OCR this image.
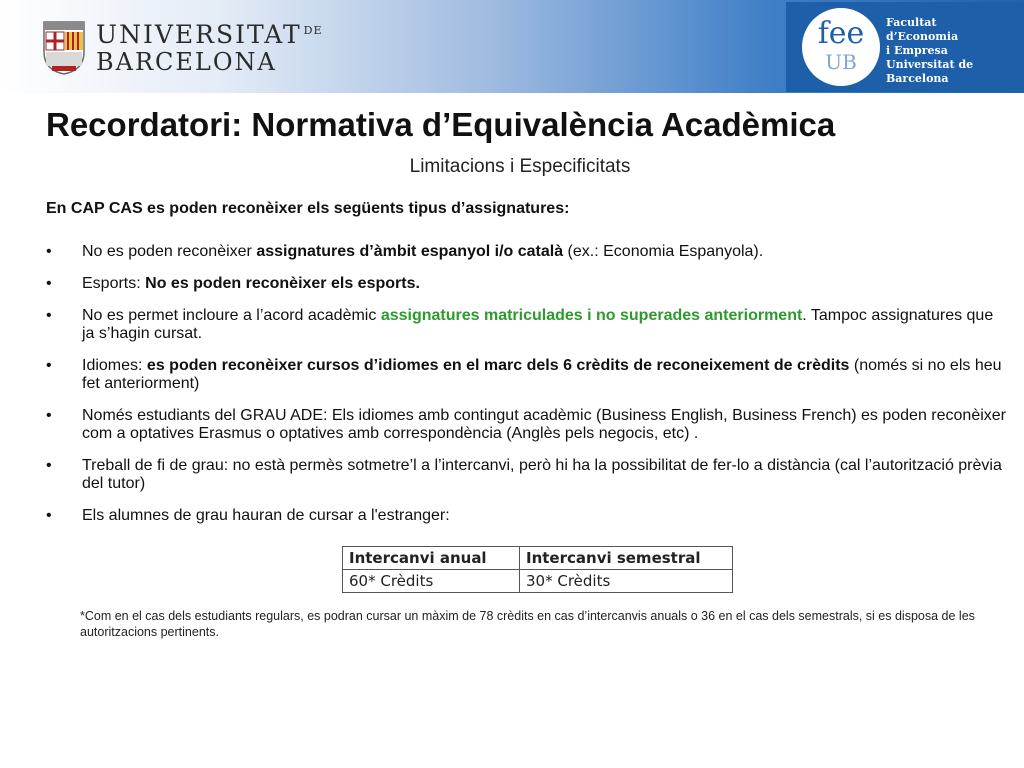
UNIVERSITAT $^{DE}$
BARCELONA
fee
UB
Facultat
d’Economia
i Empresa
Universitat de Barcelona
Recordatori: Normativa d’Equivalència Acadèmica
Limitacions i Especificitats
En CAP CAS es poden reconèixer els següents tipus d’assignatures:
• No es poden reconèixer assignatures d’àmbit espanyol i/o català (ex.: Economia Espanyola).
• Esports: No es poden reconèixer els esports.
• No es permet incloure a l’acord acadèmic assignatures matriculades i no superades anteriorment. Tampoc assignatures que ja s’hagin cursat.
• Idiomes: es poden reconèixer cursos d’idiomes en el marc dels 6 crèdits de reconeixement de crèdits (només si no els heu fet anteriorment)
• Només estudiants del GRAU ADE: Els idiomes amb contingut acadèmic (Business English, Business French) es poden reconèixer com a optatives Erasmus o optatives amb correspondència (Anglès pels negocis, etc) .
• Treball de fi de grau: no està permès sotmetre’l a l’intercanvi, però hi ha la possibilitat de fer-lo a distància (cal l’autorització prèvia del tutor)
• Els alumnes de grau hauran de cursar a l'estranger:
Intercanvi anual	Intercanvi semestral
60* Crèdits	30* Crèdits
*Com en el cas dels estudiants regulars, es podran cursar un màxim de 78 crèdits en cas d’intercanvis anuals o 36 en el cas dels semestrals, si es disposa de les autoritzacions pertinents.
